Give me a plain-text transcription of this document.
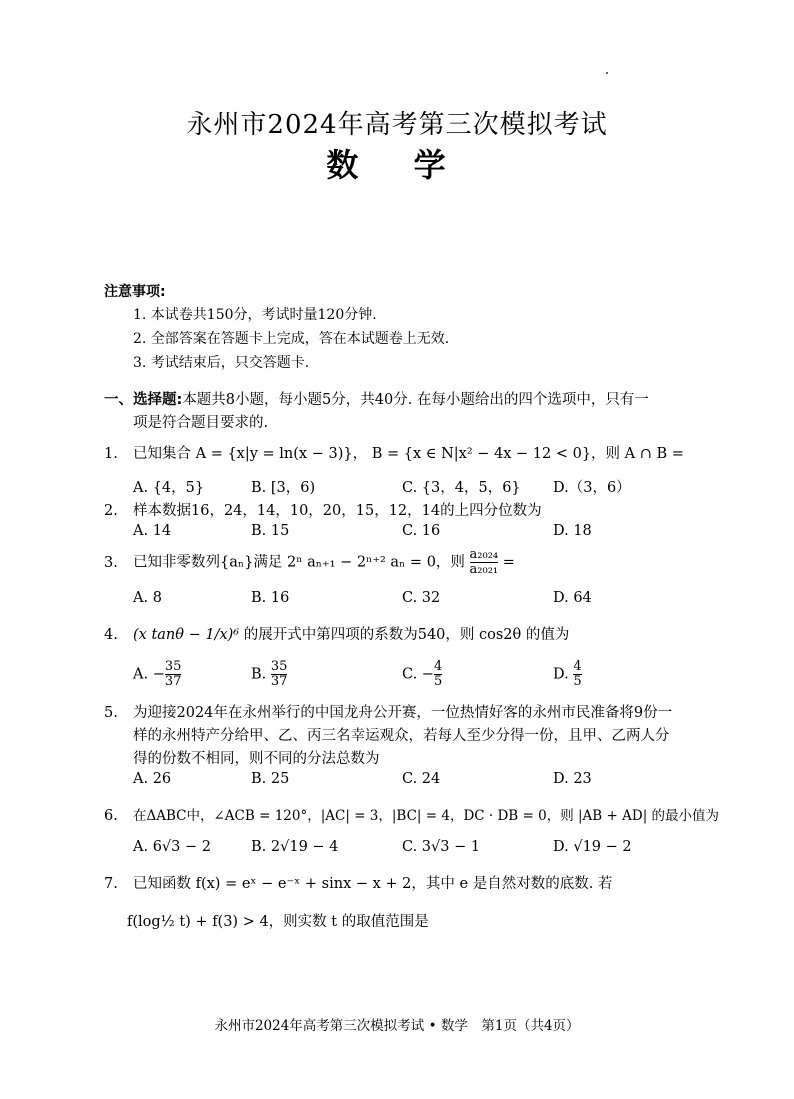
永州市2024年高考第三次模拟考试
数 学
注意事项:
1. 本试卷共150分，考试时量120分钟.
2. 全部答案在答题卡上完成，答在本试题卷上无效.
3. 考试结束后，只交答题卡.
一、选择题:本题共8小题，每小题5分，共40分. 在每小题给出的四个选项中，只有一
项是符合题目要求的.
1. 已知集合 A = {x|y = ln(x − 3)}， B = {x ∈ N|x² − 4x − 12 < 0}，则 A ∩ B =
A. {4，5}	B. [3，6)	C. {3，4，5，6} D.（3，6）
2. 样本数据16，24，14，10，20，15，12，14的上四分位数为
A. 14	B. 15	C. 16	D. 18
3. 已知非零数列{aₙ}满足 2ⁿ aₙ₊₁ − 2ⁿ⁺² aₙ = 0，则 $\frac{\text{a₂₀₂₄}}{\text{a₂₀₂₁}}$ =
A. 8	B. 16	C. 32	D. 64
4. (x tanθ − 1/x)⁶ 的展开式中第四项的系数为540，则 cos2θ 的值为
A. − $\frac{35}{37}$	B. $\frac{35}{37}$	C. − $\frac{4}{5}$	D. $\frac{4}{5}$
5. 为迎接2024年在永州举行的中国龙舟公开赛，一位热情好客的永州市民准备将9份一
样的永州特产分给甲、乙、丙三名幸运观众，若每人至少分得一份，且甲、乙两人分
得的份数不相同，则不同的分法总数为
A. 26	B. 25	C. 24	D. 23
6. 在ΔABC中，∠ACB = 120°，|AC| = 3，|BC| = 4，DC · DB = 0，则 |AB + AD| 的最小值为
A. 6√3 − 2	B. 2√19 − 4	C. 3√3 − 1	D. √19 − 2
7. 已知函数 f(x) = eˣ − e⁻ˣ + sinx − x + 2，其中 e 是自然对数的底数. 若
f(log½ t) + f(3) > 4，则实数 t 的取值范围是
永州市2024年高考第三次模拟考试 • 数学　第1页（共4页）
